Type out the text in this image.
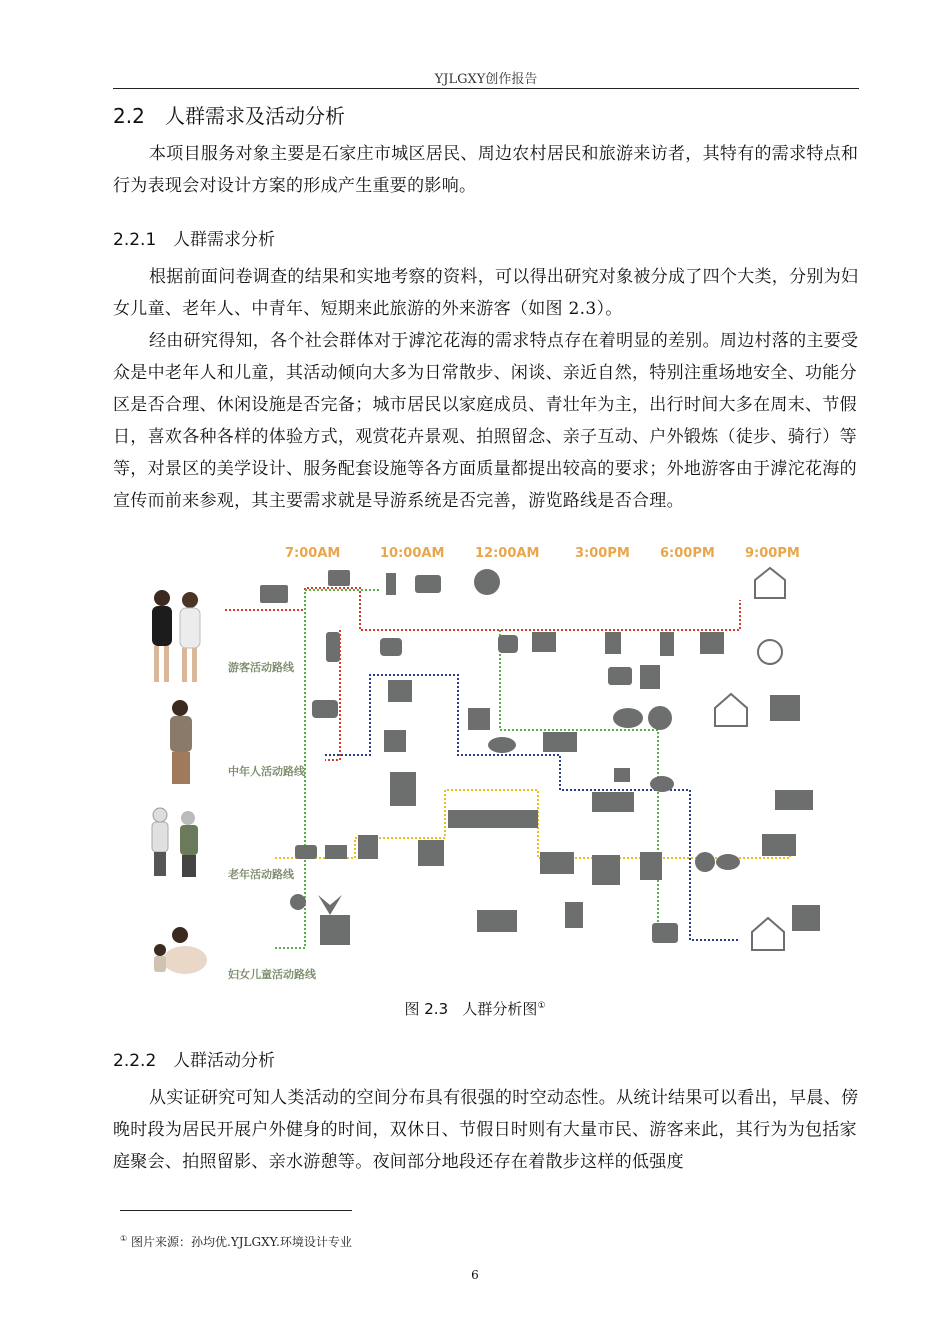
YJLGXY创作报告
2.2 人群需求及活动分析
本项目服务对象主要是石家庄市城区居民、周边农村居民和旅游来访者，其特有的需求特点和行为表现会对设计方案的形成产生重要的影响。
2.2.1 人群需求分析
根据前面问卷调查的结果和实地考察的资料，可以得出研究对象被分成了四个大类，分别为妇女儿童、老年人、中青年、短期来此旅游的外来游客（如图 2.3）。
经由研究得知，各个社会群体对于滹沱花海的需求特点存在着明显的差别。周边村落的主要受众是中老年人和儿童，其活动倾向大多为日常散步、闲谈、亲近自然，特别注重场地安全、功能分区是否合理、休闲设施是否完备；城市居民以家庭成员、青壮年为主，出行时间大多在周末、节假日，喜欢各种各样的体验方式，观赏花卉景观、拍照留念、亲子互动、户外锻炼（徒步、骑行）等等，对景区的美学设计、服务配套设施等各方面质量都提出较高的要求；外地游客由于滹沱花海的宣传而前来参观，其主要需求就是导游系统是否完善，游览路线是否合理。
7:00AM	10:00AM 12:00AM	3:00PM 6:00PM 9:00PM
游客活动路线
中年人活动路线
老年活动路线
妇女儿童活动路线
图 2.3 人群分析图①
2.2.2 人群活动分析
从实证研究可知人类活动的空间分布具有很强的时空动态性。从统计结果可以看出，早晨、傍晚时段为居民开展户外健身的时间，双休日、节假日时则有大量市民、游客来此，其行为为包括家庭聚会、拍照留影、亲水游憩等。夜间部分地段还存在着散步这样的低强度
① 图片来源：孙均优.YJLGXY.环境设计专业
6
